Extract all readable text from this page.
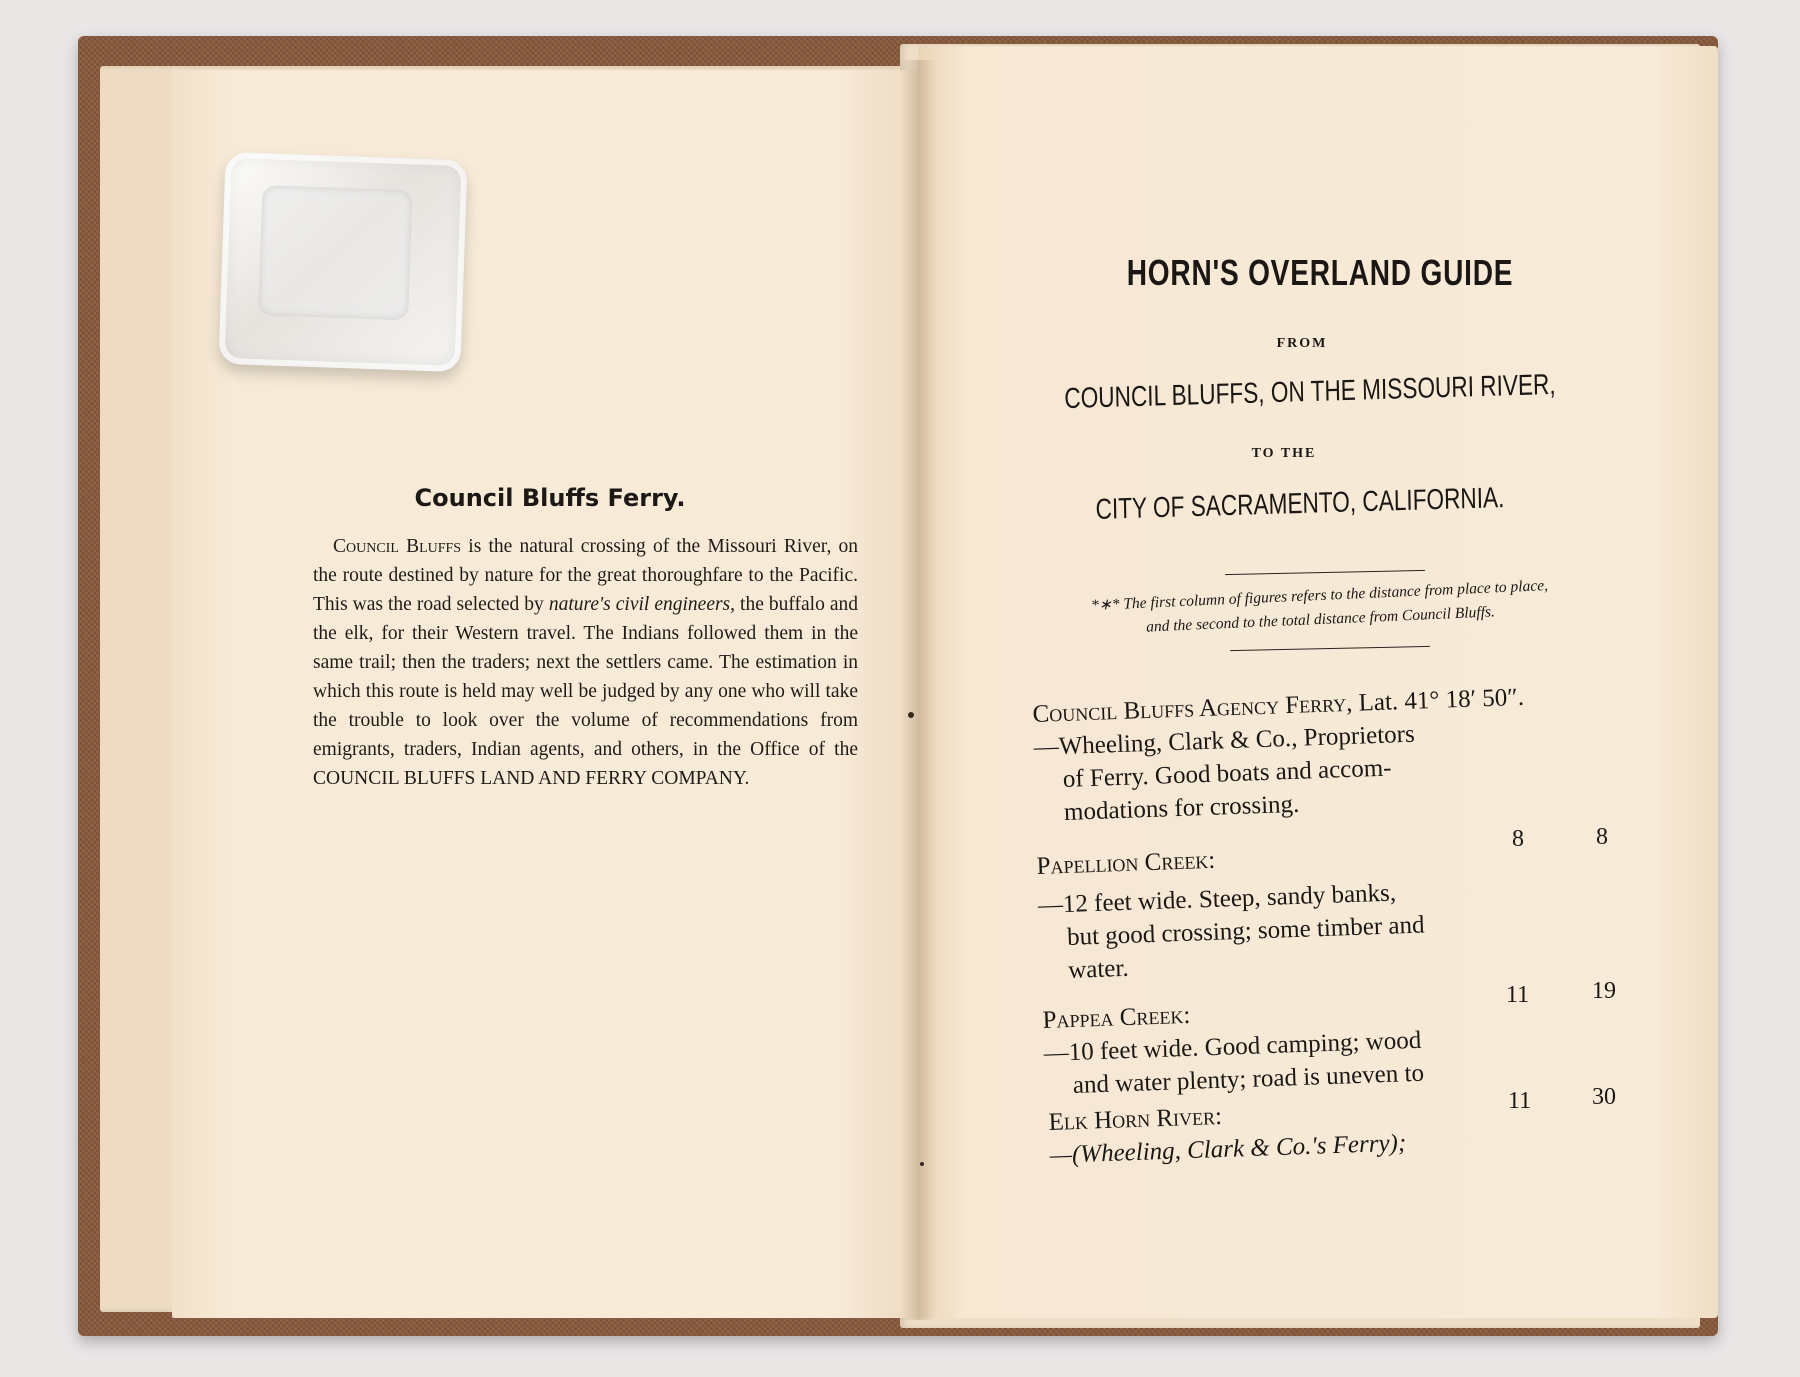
Council Bluffs Ferry.

Council Bluffs is the natural crossing of the Missouri River, on the route destined by nature for the great thoroughfare to the Pacific. This was the road selected by nature's civil engineers, the buffalo and the elk, for their Western travel. The Indians followed them in the same trail; then the traders; next the settlers came. The estimation in which this route is held may well be judged by any one who will take the trouble to look over the volume of recommendations from emigrants, traders, Indian agents, and others, in the Office of the COUNCIL BLUFFS LAND AND FERRY COMPANY.

HORN'S OVERLAND GUIDE
FROM
COUNCIL BLUFFS, ON THE MISSOURI RIVER,
TO THE
CITY OF SACRAMENTO, CALIFORNIA.
*∗* The first column of figures refers to the distance from place to place,
and the second to the total distance from Council Bluffs.
Council Bluffs Agency Ferry, Lat. 41° 18′ 50″.
—Wheeling, Clark & Co., Proprietors
of Ferry. Good boats and accom-
modations for crossing.
8	8
Papellion Creek:
—12 feet wide. Steep, sandy banks,
but good crossing; some timber and
water.
11	19
Pappea Creek:
—10 feet wide. Good camping; wood
and water plenty; road is uneven to
11	30
Elk Horn River:
—(Wheeling, Clark & Co.'s Ferry);
